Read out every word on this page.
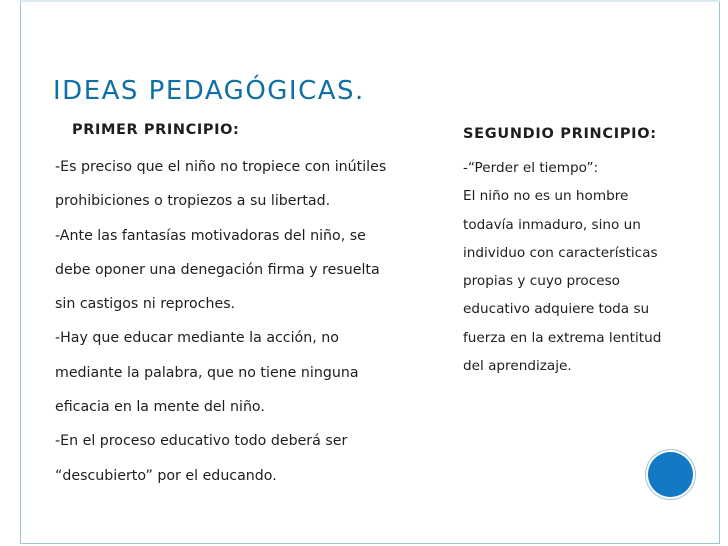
IDEAS PEDAGÓGICAS.
PRIMER PRINCIPIO:
-Es preciso que el niño no tropiece con inútiles
prohibiciones o tropiezos a su libertad.
-Ante las fantasías motivadoras del niño, se
debe oponer una denegación firma y resuelta
sin castigos ni reproches.
-Hay que educar mediante la acción, no
mediante la palabra, que no tiene ninguna
eficacia en la mente del niño.
-En el proceso educativo todo deberá ser
“descubierto” por el educando.
SEGUNDIO PRINCIPIO:
-“Perder el tiempo”:
El niño no es un hombre
todavía inmaduro, sino un
individuo con características
propias y cuyo proceso
educativo adquiere toda su
fuerza en la extrema lentitud
del aprendizaje.
